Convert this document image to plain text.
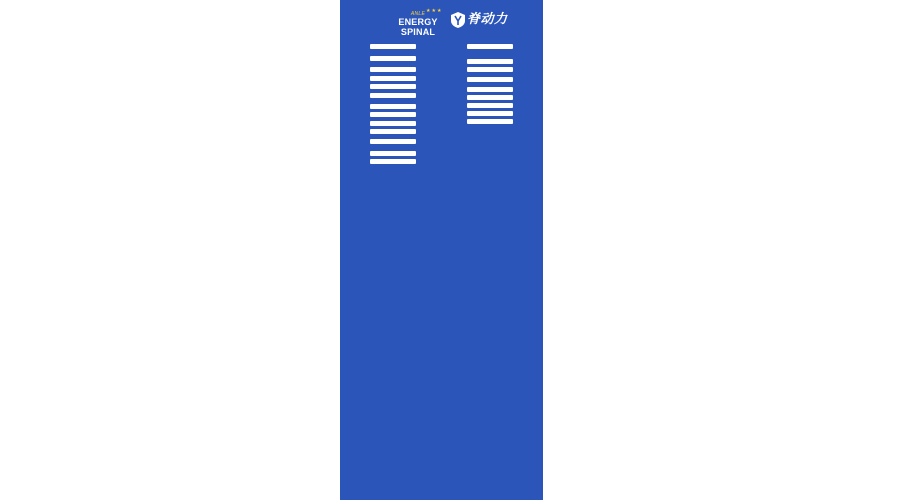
★★★
ANLE
ENERGY SPINAL
脊动力
